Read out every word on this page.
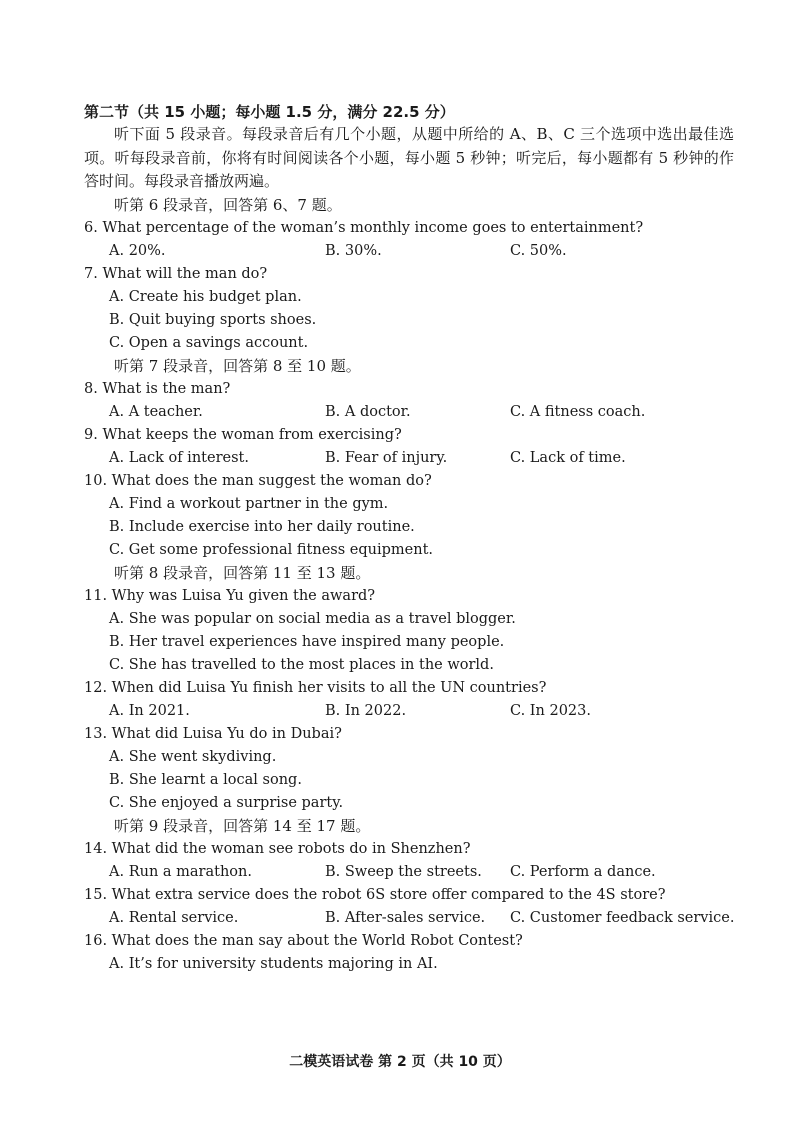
第二节（共 15 小题；每小题 1.5 分，满分 22.5 分）

听下面 5 段录音。每段录音后有几个小题，从题中所给的 A、B、C 三个选项中选出最佳选项。听每段录音前，你将有时间阅读各个小题，每小题 5 秒钟；听完后，每小题都有 5 秒钟的作答时间。每段录音播放两遍。

听第 6 段录音，回答第 6、7 题。
6. What percentage of the woman’s monthly income goes to entertainment?
A. 20%.	B. 30%.	C. 50%.
7. What will the man do?
A. Create his budget plan.
B. Quit buying sports shoes.
C. Open a savings account.
听第 7 段录音，回答第 8 至 10 题。
8. What is the man?
A. A teacher.	B. A doctor.	C. A fitness coach.
9. What keeps the woman from exercising?
A. Lack of interest.	B. Fear of injury.	C. Lack of time.
10. What does the man suggest the woman do?
A. Find a workout partner in the gym.
B. Include exercise into her daily routine.
C. Get some professional fitness equipment.
听第 8 段录音，回答第 11 至 13 题。
11. Why was Luisa Yu given the award?
A. She was popular on social media as a travel blogger.
B. Her travel experiences have inspired many people.
C. She has travelled to the most places in the world.
12. When did Luisa Yu finish her visits to all the UN countries?
A. In 2021.	B. In 2022.	C. In 2023.
13. What did Luisa Yu do in Dubai?
A. She went skydiving.
B. She learnt a local song.
C. She enjoyed a surprise party.
听第 9 段录音，回答第 14 至 17 题。
14. What did the woman see robots do in Shenzhen?
A. Run a marathon.	B. Sweep the streets. C. Perform a dance.
15. What extra service does the robot 6S store offer compared to the 4S store?
A. Rental service.	B. After-sales service. C. Customer feedback service.
16. What does the man say about the World Robot Contest?
A. It’s for university students majoring in AI.
二模英语试卷 第 2 页（共 10 页）
